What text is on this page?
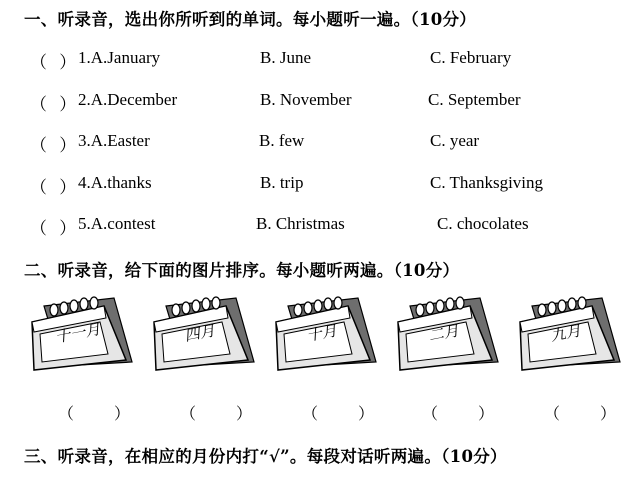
一、听录音，选出你所听到的单词。每小题听一遍。（10分）
（ ）
1.A.January	B. June	C. February
（ ）
2.A.December	B. November	C. September
（ ）
3.A.Easter	B. few	C. year
（ ）
4.A.thanks	B. trip	C. Thanksgiving
（ ）
5.A.contest	B. Christmas	C. chocolates
二、听录音，给下面的图片排序。每小题听两遍。（10分）
十一月	四月	十月	二月	九月
（ ） （ ） （ ） （ ） （ ）
三、听录音，在相应的月份内打“√”。每段对话听两遍。（10分）
